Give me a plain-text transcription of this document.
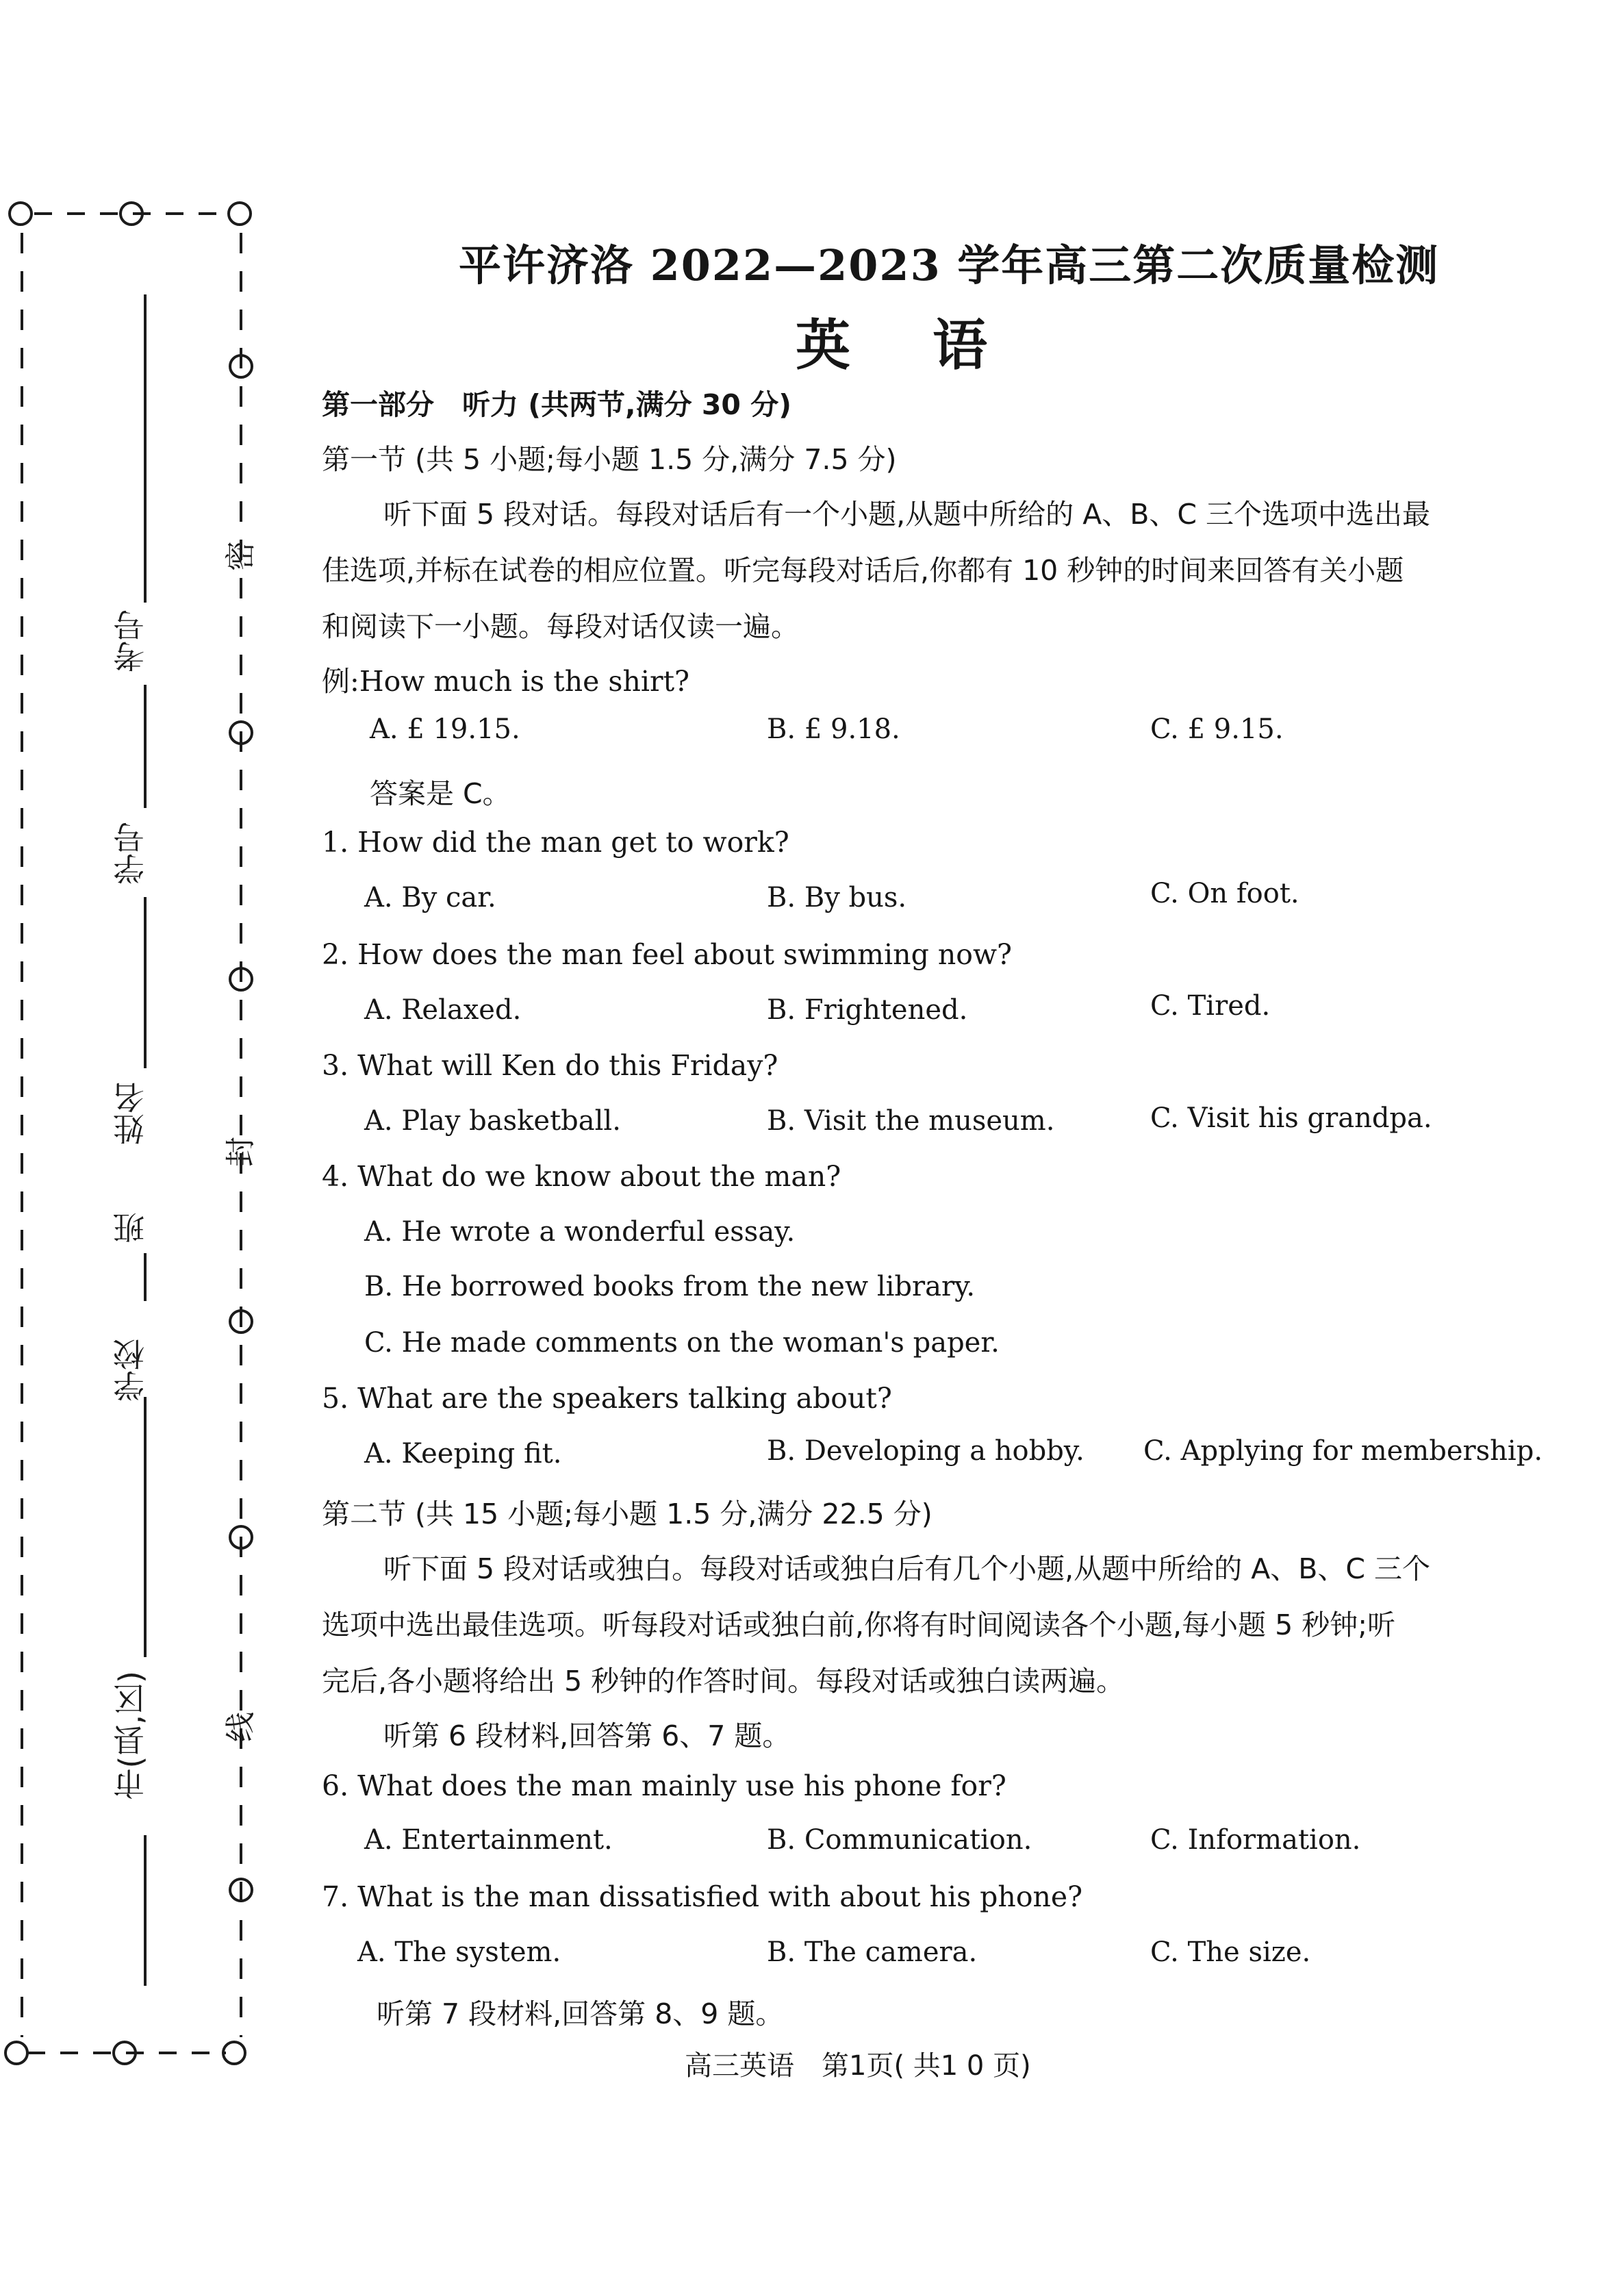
考号
学号
姓名
班
学校
市(县,区)
密
封
线
平许济洛 2022—2023 学年高三第二次质量检测
英语
第一部分　听力 (共两节,满分 30 分)
第一节 (共 5 小题;每小题 1.5 分,满分 7.5 分)
听下面 5 段对话。每段对话后有一个小题,从题中所给的 A、B、C 三个选项中选出最
佳选项,并标在试卷的相应位置。听完每段对话后,你都有 10 秒钟的时间来回答有关小题
和阅读下一小题。每段对话仅读一遍。
例:How much is the shirt?
A. £ 19.15.	B. £ 9.18.	C. £ 9.15.
答案是 C。
1. How did the man get to work?
A. By car.	B. By bus.	C. On foot.
2. How does the man feel about swimming now?
A. Relaxed.	B. Frightened.	C. Tired.
3. What will Ken do this Friday?
A. Play basketball.	B. Visit the museum.	C. Visit his grandpa.
4. What do we know about the man?
A. He wrote a wonderful essay.
B. He borrowed books from the new library.
C. He made comments on the woman's paper.
5. What are the speakers talking about?
A. Keeping fit.	B. Developing a hobby. C. Applying for membership.
第二节 (共 15 小题;每小题 1.5 分,满分 22.5 分)
听下面 5 段对话或独白。每段对话或独白后有几个小题,从题中所给的 A、B、C 三个
选项中选出最佳选项。听每段对话或独白前,你将有时间阅读各个小题,每小题 5 秒钟;听
完后,各小题将给出 5 秒钟的作答时间。每段对话或独白读两遍。
听第 6 段材料,回答第 6、7 题。
6. What does the man mainly use his phone for?
A. Entertainment.	B. Communication.	C. Information.
7. What is the man dissatisfied with about his phone?
A. The system.	B. The camera.	C. The size.
听第 7 段材料,回答第 8、9 题。
高三英语　第1页( 共1 0 页)
